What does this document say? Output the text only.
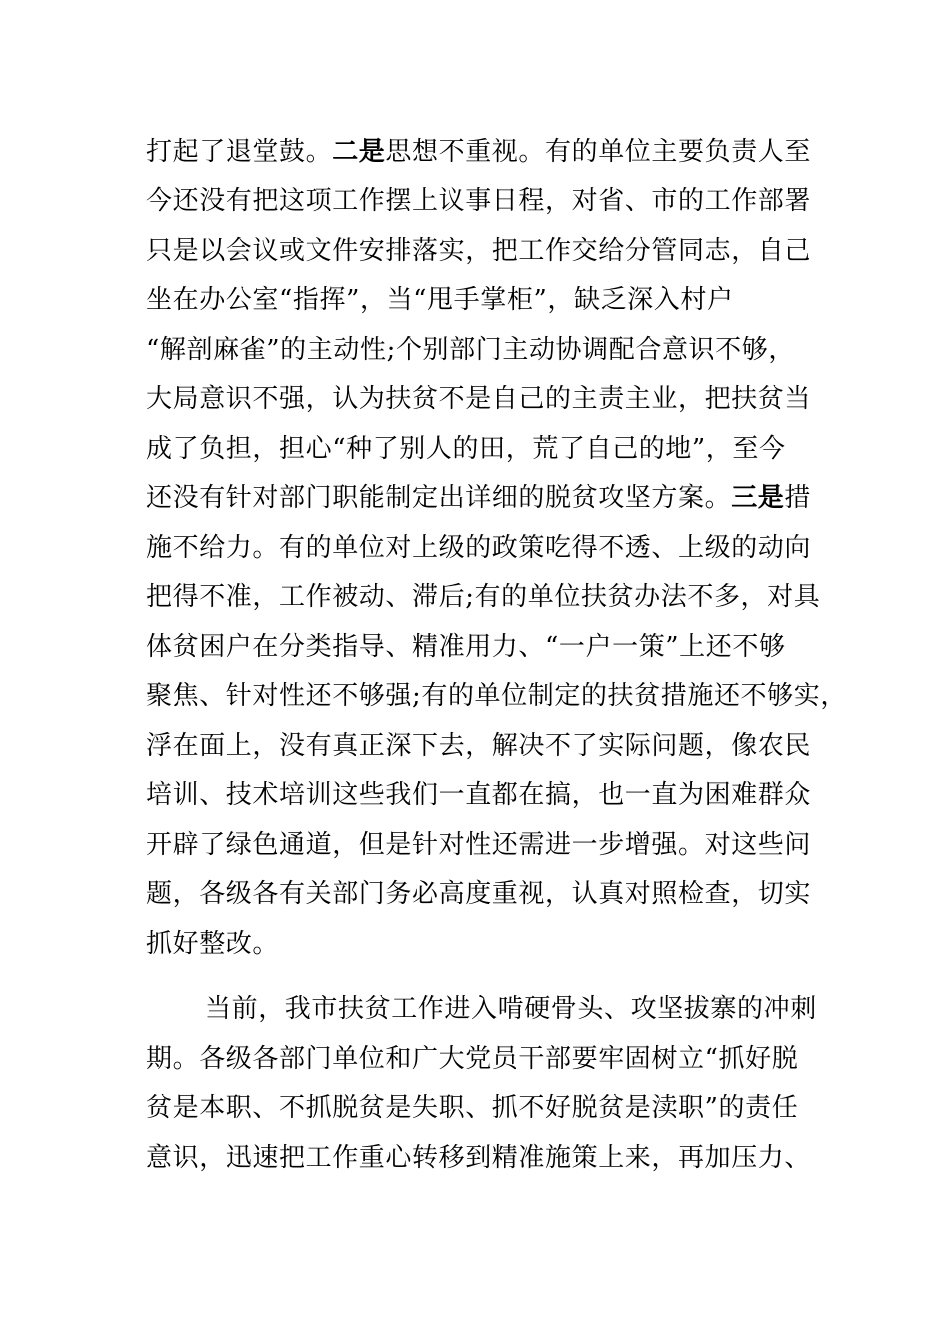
打起了退堂鼓。二是思想不重视。有的单位主要负责人至
今还没有把这项工作摆上议事日程，对省、市的工作部署
只是以会议或文件安排落实，把工作交给分管同志，自己
坐在办公室“指挥”，当“甩手掌柜”，缺乏深入村户
“解剖麻雀”的主动性;个别部门主动协调配合意识不够，
大局意识不强，认为扶贫不是自己的主责主业，把扶贫当
成了负担，担心“种了别人的田，荒了自己的地”，至今
还没有针对部门职能制定出详细的脱贫攻坚方案。三是措
施不给力。有的单位对上级的政策吃得不透、上级的动向
把得不准，工作被动、滞后;有的单位扶贫办法不多，对具
体贫困户在分类指导、精准用力、“一户一策”上还不够
聚焦、针对性还不够强;有的单位制定的扶贫措施还不够实，
浮在面上，没有真正深下去，解决不了实际问题，像农民
培训、技术培训这些我们一直都在搞，也一直为困难群众
开辟了绿色通道，但是针对性还需进一步增强。对这些问
题，各级各有关部门务必高度重视，认真对照检查，切实
抓好整改。
当前，我市扶贫工作进入啃硬骨头、攻坚拔寨的冲刺
期。各级各部门单位和广大党员干部要牢固树立“抓好脱
贫是本职、不抓脱贫是失职、抓不好脱贫是渎职”的责任
意识，迅速把工作重心转移到精准施策上来，再加压力、
